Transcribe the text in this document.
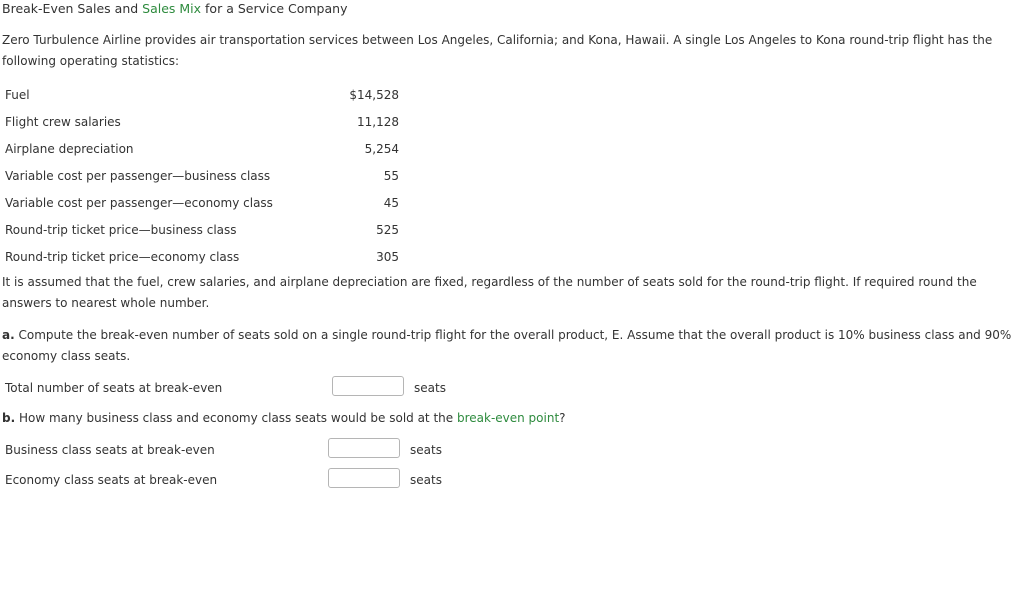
Break-Even Sales and Sales Mix for a Service Company
Zero Turbulence Airline provides air transportation services between Los Angeles, California; and Kona, Hawaii. A single Los Angeles to Kona round-trip flight has the following operating statistics:
Fuel	$14,528
Flight crew salaries	11,128
Airplane depreciation	5,254
Variable cost per passenger—business class	55
Variable cost per passenger—economy class	45
Round-trip ticket price—business class	525
Round-trip ticket price—economy class	305
It is assumed that the fuel, crew salaries, and airplane depreciation are fixed, regardless of the number of seats sold for the round-trip flight. If required round the answers to nearest whole number.
a. Compute the break-even number of seats sold on a single round-trip flight for the overall product, E. Assume that the overall product is 10% business class and 90% economy class seats.
Total number of seats at break-even	seats
b. How many business class and economy class seats would be sold at the break-even point?
Business class seats at break-even	seats
Economy class seats at break-even	seats
